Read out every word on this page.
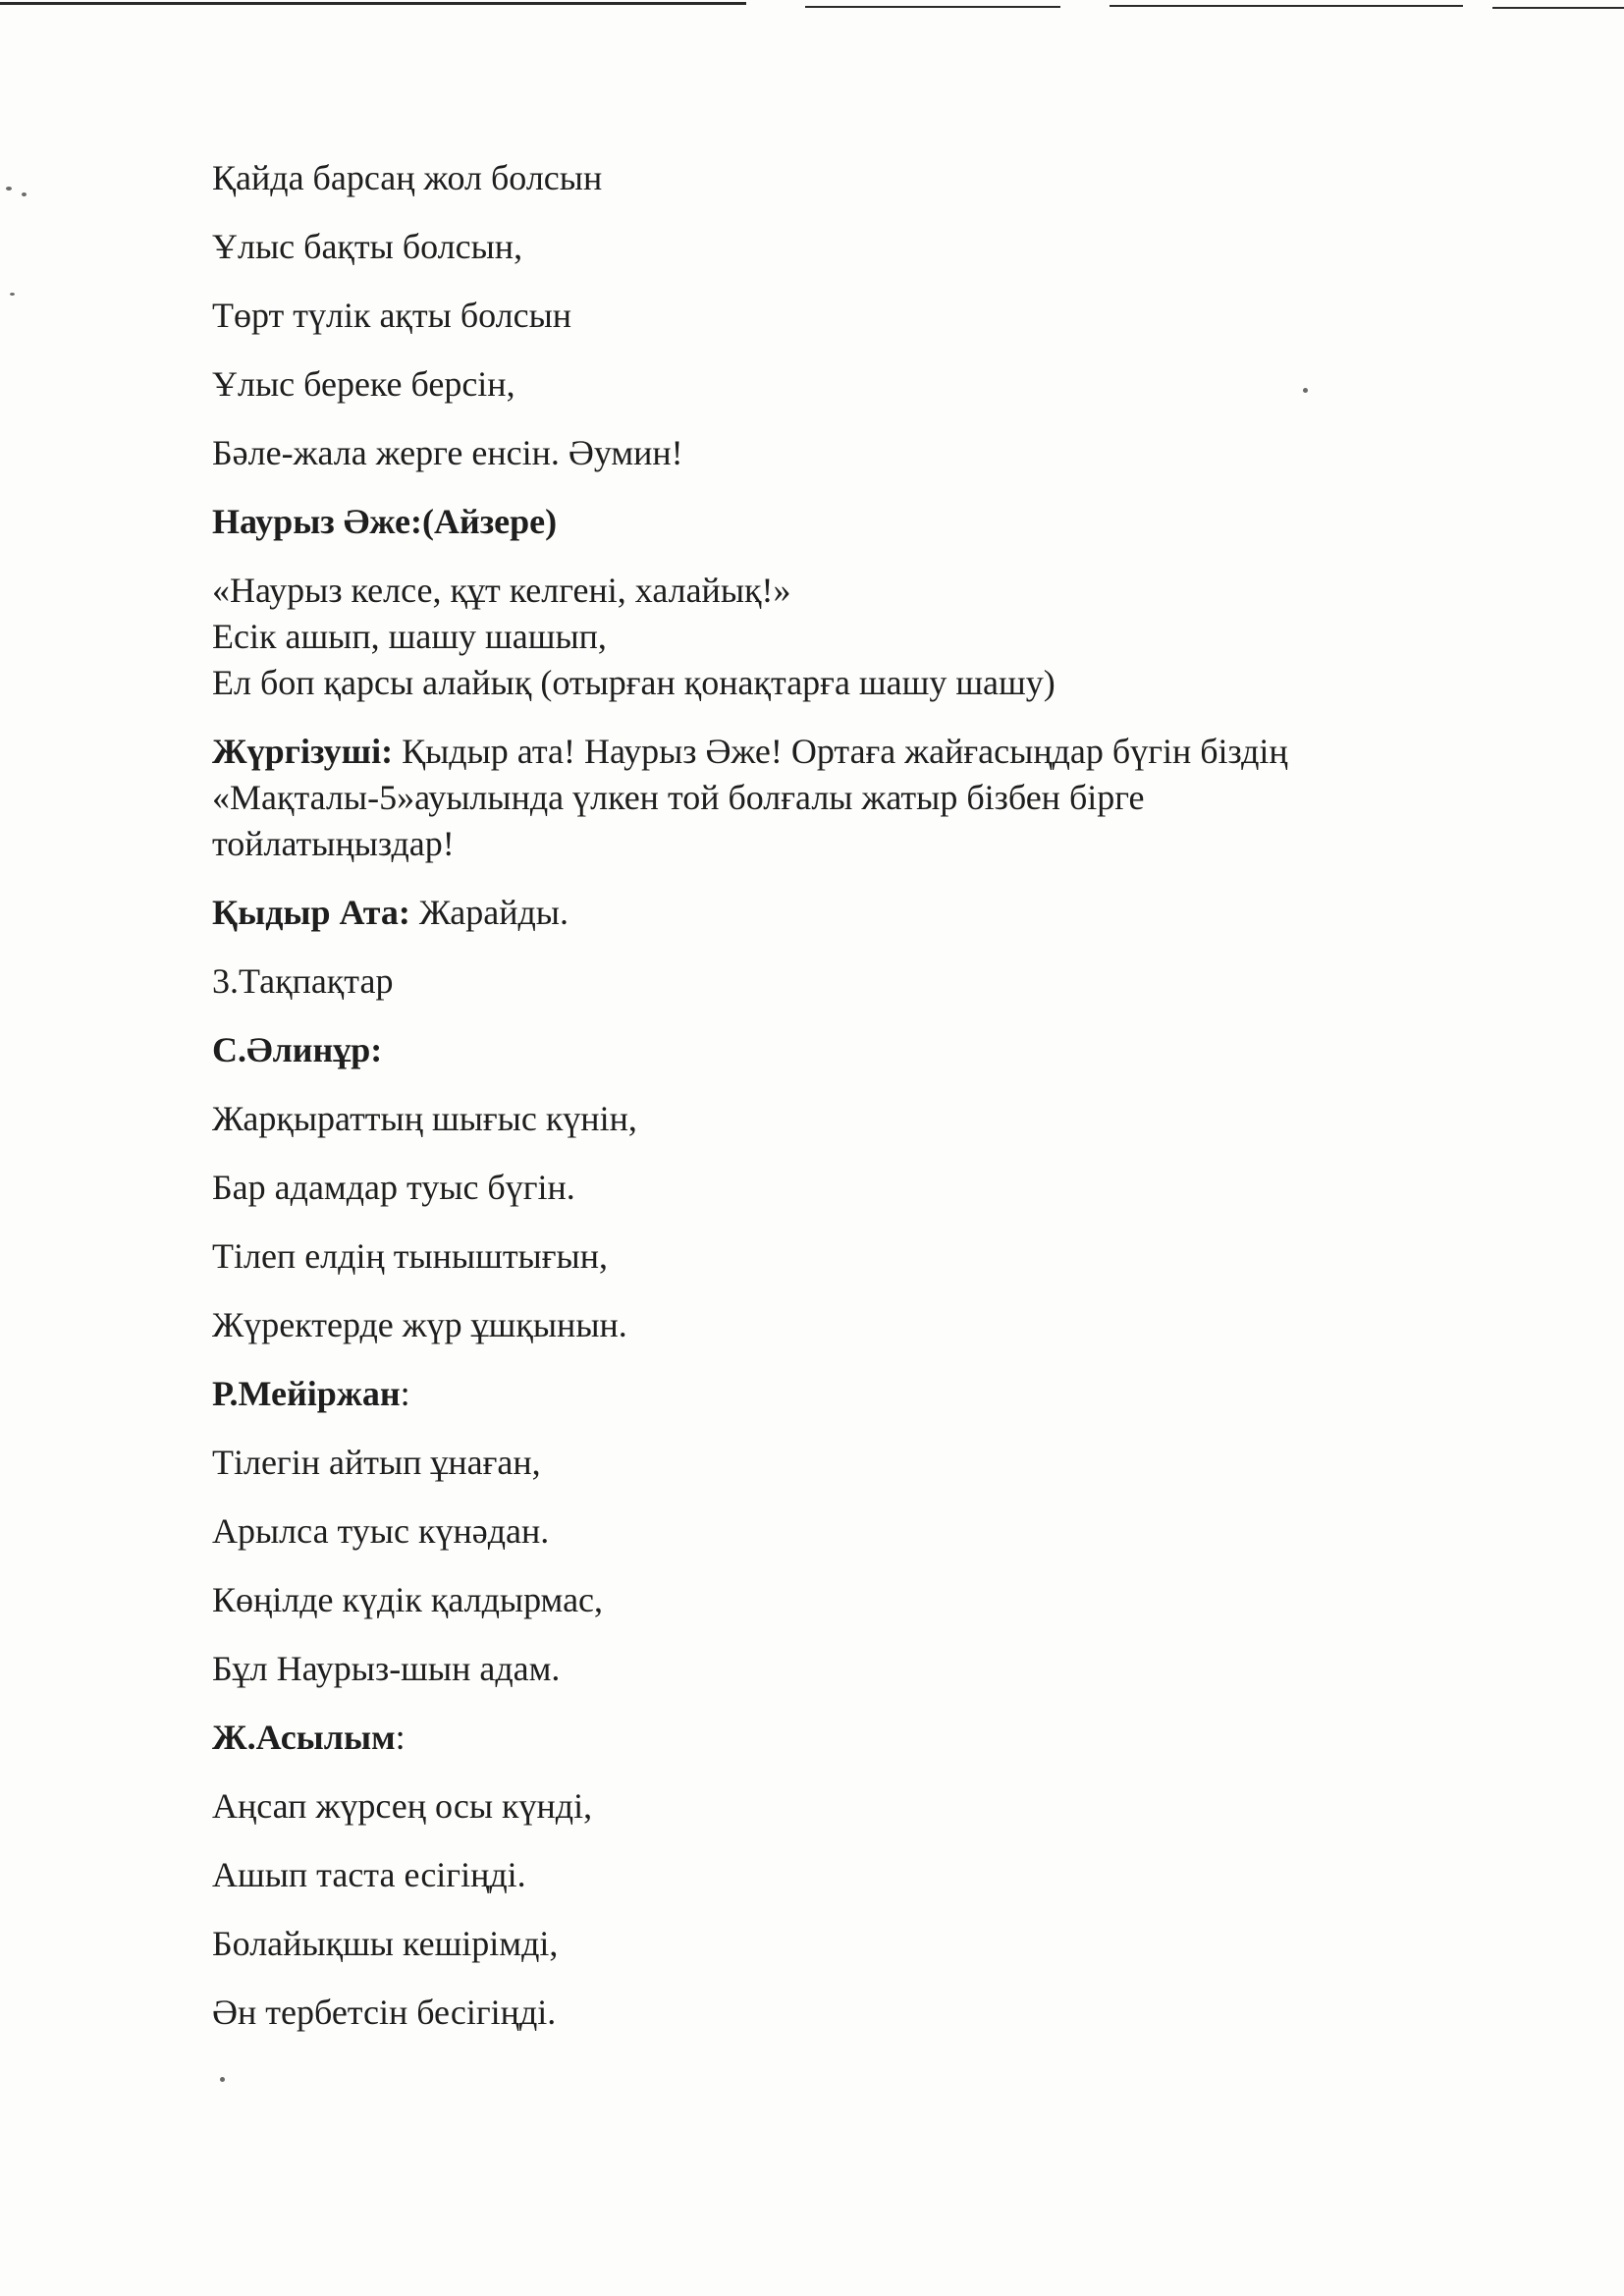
Қайда барсаң жол болсын
Ұлыс бақты болсын,
Төрт түлік ақты болсын
Ұлыс береке берсін,
Бәле-жала жерге енсін. Әумин!
Наурыз Әже:(Айзере)
«Наурыз келсе, құт келгені, халайық!»
Есік ашып, шашу шашып,
Ел боп қарсы алайық (отырған қонақтарға шашу шашу)
Жүргізуші: Қыдыр ата! Наурыз Әже! Ортаға жайғасыңдар бүгін біздің
«Мақталы-5»ауылында үлкен той болғалы жатыр бізбен бірге
тойлатыңыздар!
Қыдыр Ата: Жарайды.
3.Тақпақтар
С.Әлинұр:
Жарқыраттың шығыс күнін,
Бар адамдар туыс бүгін.
Тілеп елдің тыныштығын,
Жүректерде жүр ұшқынын.
Р.Мейіржан:
Тілегін айтып ұнаған,
Арылса туыс күнәдан.
Көңілде күдік қалдырмас,
Бұл Наурыз-шын адам.
Ж.Асылым:
Аңсап жүрсең осы күнді,
Ашып таста есігіңді.
Болайықшы кешірімді,
Ән тербетсін бесігіңді.
